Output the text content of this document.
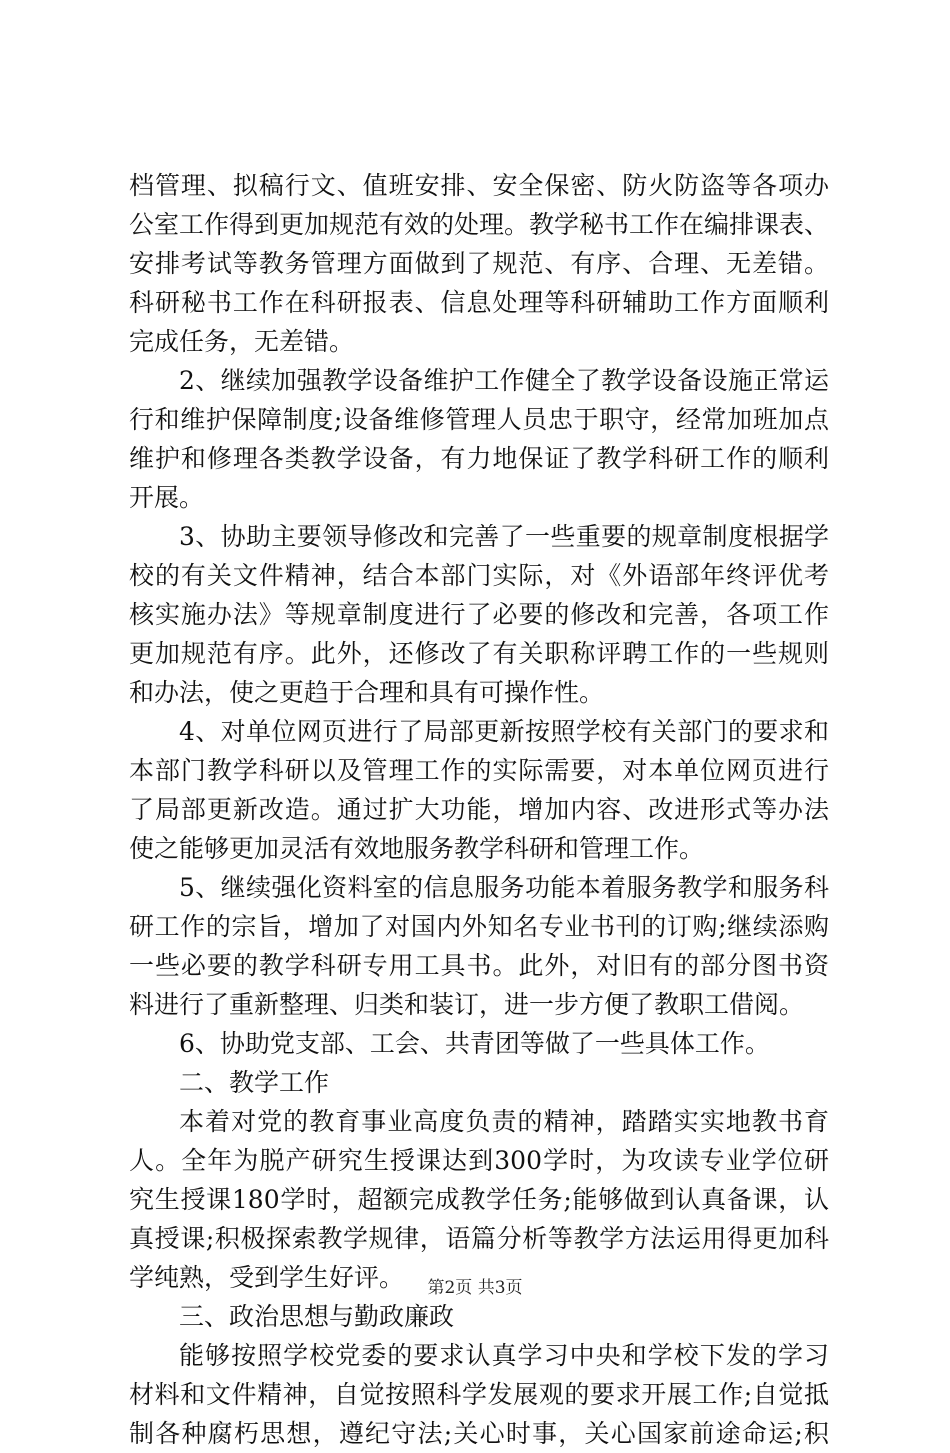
档管理、拟稿行文、值班安排、安全保密、防火防盗等各项办
公室工作得到更加规范有效的处理。教学秘书工作在编排课表、
安排考试等教务管理方面做到了规范、有序、合理、无差错。
科研秘书工作在科研报表、信息处理等科研辅助工作方面顺利
完成任务，无差错。
2、继续加强教学设备维护工作健全了教学设备设施正常运
行和维护保障制度;设备维修管理人员忠于职守，经常加班加点
维护和修理各类教学设备，有力地保证了教学科研工作的顺利
开展。
3、协助主要领导修改和完善了一些重要的规章制度根据学
校的有关文件精神，结合本部门实际，对《外语部年终评优考
核实施办法》等规章制度进行了必要的修改和完善，各项工作
更加规范有序。此外，还修改了有关职称评聘工作的一些规则
和办法，使之更趋于合理和具有可操作性。
4、对单位网页进行了局部更新按照学校有关部门的要求和
本部门教学科研以及管理工作的实际需要，对本单位网页进行
了局部更新改造。通过扩大功能，增加内容、改进形式等办法
使之能够更加灵活有效地服务教学科研和管理工作。
5、继续强化资料室的信息服务功能本着服务教学和服务科
研工作的宗旨，增加了对国内外知名专业书刊的订购;继续添购
一些必要的教学科研专用工具书。此外，对旧有的部分图书资
料进行了重新整理、归类和装订，进一步方便了教职工借阅。
6、协助党支部、工会、共青团等做了一些具体工作。
二、教学工作
本着对党的教育事业高度负责的精神，踏踏实实地教书育
人。全年为脱产研究生授课达到300学时，为攻读专业学位研
究生授课180学时，超额完成教学任务;能够做到认真备课，认
真授课;积极探索教学规律，语篇分析等教学方法运用得更加科
学纯熟，受到学生好评。
三、政治思想与勤政廉政
能够按照学校党委的要求认真学习中央和学校下发的学习
材料和文件精神，自觉按照科学发展观的要求开展工作;自觉抵
制各种腐朽思想，遵纪守法;关心时事，关心国家前途命运;积
第2页 共3页
